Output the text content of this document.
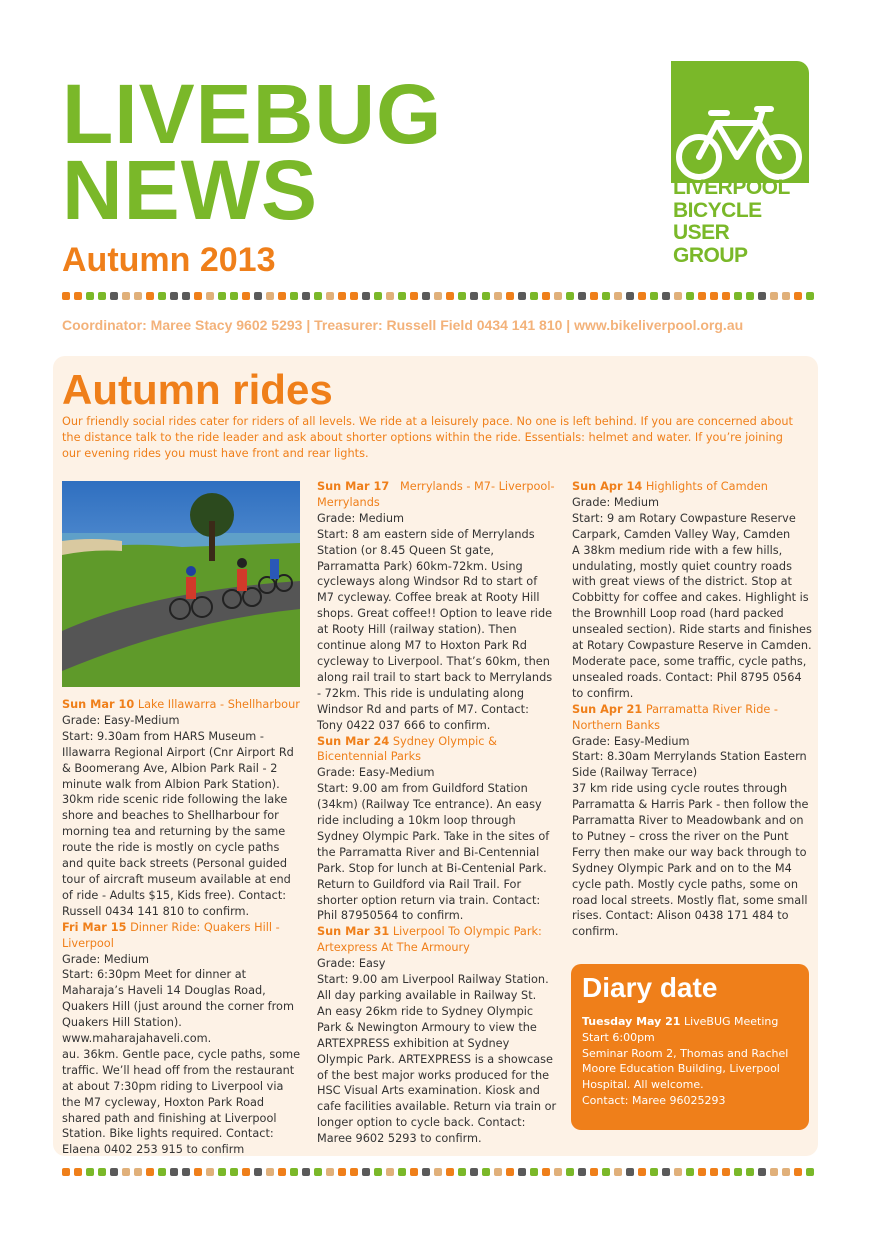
LIVEBUG
NEWS
Autumn 2013
LIVERPOOL
BICYCLE
USER
GROUP
Coordinator: Maree Stacy 9602 5293 | Treasurer: Russell Field 0434 141 810 | www.bikeliverpool.org.au
Autumn rides

Our friendly social rides cater for riders of all levels. We ride at a leisurely pace. No one is left behind. If you are concerned about the distance talk to the ride leader and ask about shorter options within the ride. Essentials: helmet and water. If you’re joining our evening rides you must have front and rear lights.

Sun Mar 10 Lake Illawarra - Shellharbour

Grade: Easy-Medium

Start: 9.30am from HARS Museum - Illawarra Regional Airport (Cnr Airport Rd & Boomerang Ave, Albion Park Rail - 2 minute walk from Albion Park Station).

30km ride scenic ride following the lake shore and beaches to Shellharbour for morning tea and returning by the same route the ride is mostly on cycle paths and quite back streets (Personal guided tour of aircraft museum available at end of ride - Adults $15, Kids free). Contact: Russell 0434 141 810 to confirm.

Fri Mar 15 Dinner Ride: Quakers Hill - Liverpool

Grade: Medium

Start: 6:30pm Meet for dinner at Maharaja’s Haveli 14 Douglas Road, Quakers Hill (just around the corner from Quakers Hill Station). www.maharajahaveli.com.

au. 36km. Gentle pace, cycle paths, some traffic. We’ll head off from the restaurant at about 7:30pm riding to Liverpool via the M7 cycleway, Hoxton Park Road shared path and finishing at Liverpool Station. Bike lights required. Contact: Elaena 0402 253 915 to confirm

Sun Mar 17 Merrylands - M7- Liverpool-Merrylands

Grade: Medium

Start: 8 am eastern side of Merrylands Station (or 8.45 Queen St gate, Parramatta Park) 60km-72km. Using cycleways along Windsor Rd to start of M7 cycleway. Coffee break at Rooty Hill shops. Great coffee!! Option to leave ride at Rooty Hill (railway station). Then continue along M7 to Hoxton Park Rd cycleway to Liverpool. That’s 60km, then along rail trail to start back to Merrylands - 72km. This ride is undulating along Windsor Rd and parts of M7. Contact: Tony 0422 037 666 to confirm.

Sun Mar 24 Sydney Olympic & Bicentennial Parks

Grade: Easy-Medium

Start: 9.00 am from Guildford Station (34km) (Railway Tce entrance). An easy ride including a 10km loop through Sydney Olympic Park. Take in the sites of the Parramatta River and Bi-Centennial Park. Stop for lunch at Bi-Centenial Park. Return to Guildford via Rail Trail. For shorter option return via train. Contact: Phil 87950564 to confirm.

Sun Mar 31 Liverpool To Olympic Park: Artexpress At The Armoury

Grade: Easy

Start: 9.00 am Liverpool Railway Station. All day parking available in Railway St.

An easy 26km ride to Sydney Olympic Park & Newington Armoury to view the ARTEXPRESS exhibition at Sydney Olympic Park. ARTEXPRESS is a showcase of the best major works produced for the HSC Visual Arts examination. Kiosk and cafe facilities available. Return via train or longer option to cycle back. Contact: Maree 9602 5293 to confirm.

Sun Apr 14 Highlights of Camden

Grade: Medium

Start: 9 am Rotary Cowpasture Reserve Carpark, Camden Valley Way, Camden

A 38km medium ride with a few hills, undulating, mostly quiet country roads with great views of the district. Stop at Cobbitty for coffee and cakes. Highlight is the Brownhill Loop road (hard packed unsealed section). Ride starts and finishes at Rotary Cowpasture Reserve in Camden. Moderate pace, some traffic, cycle paths, unsealed roads. Contact: Phil 8795 0564 to confirm.

Sun Apr 21 Parramatta River Ride - Northern Banks

Grade: Easy-Medium

Start: 8.30am Merrylands Station Eastern Side (Railway Terrace)

37 km ride using cycle routes through Parramatta & Harris Park - then follow the Parramatta River to Meadowbank and on to Putney – cross the river on the Punt Ferry then make our way back through to Sydney Olympic Park and on to the M4 cycle path. Mostly cycle paths, some on road local streets. Mostly flat, some small rises. Contact: Alison 0438 171 484 to confirm.

Diary date

Tuesday May 21 LiveBUG Meeting

Start 6:00pm

Seminar Room 2, Thomas and Rachel Moore Education Building, Liverpool Hospital. All welcome.

Contact: Maree 96025293
